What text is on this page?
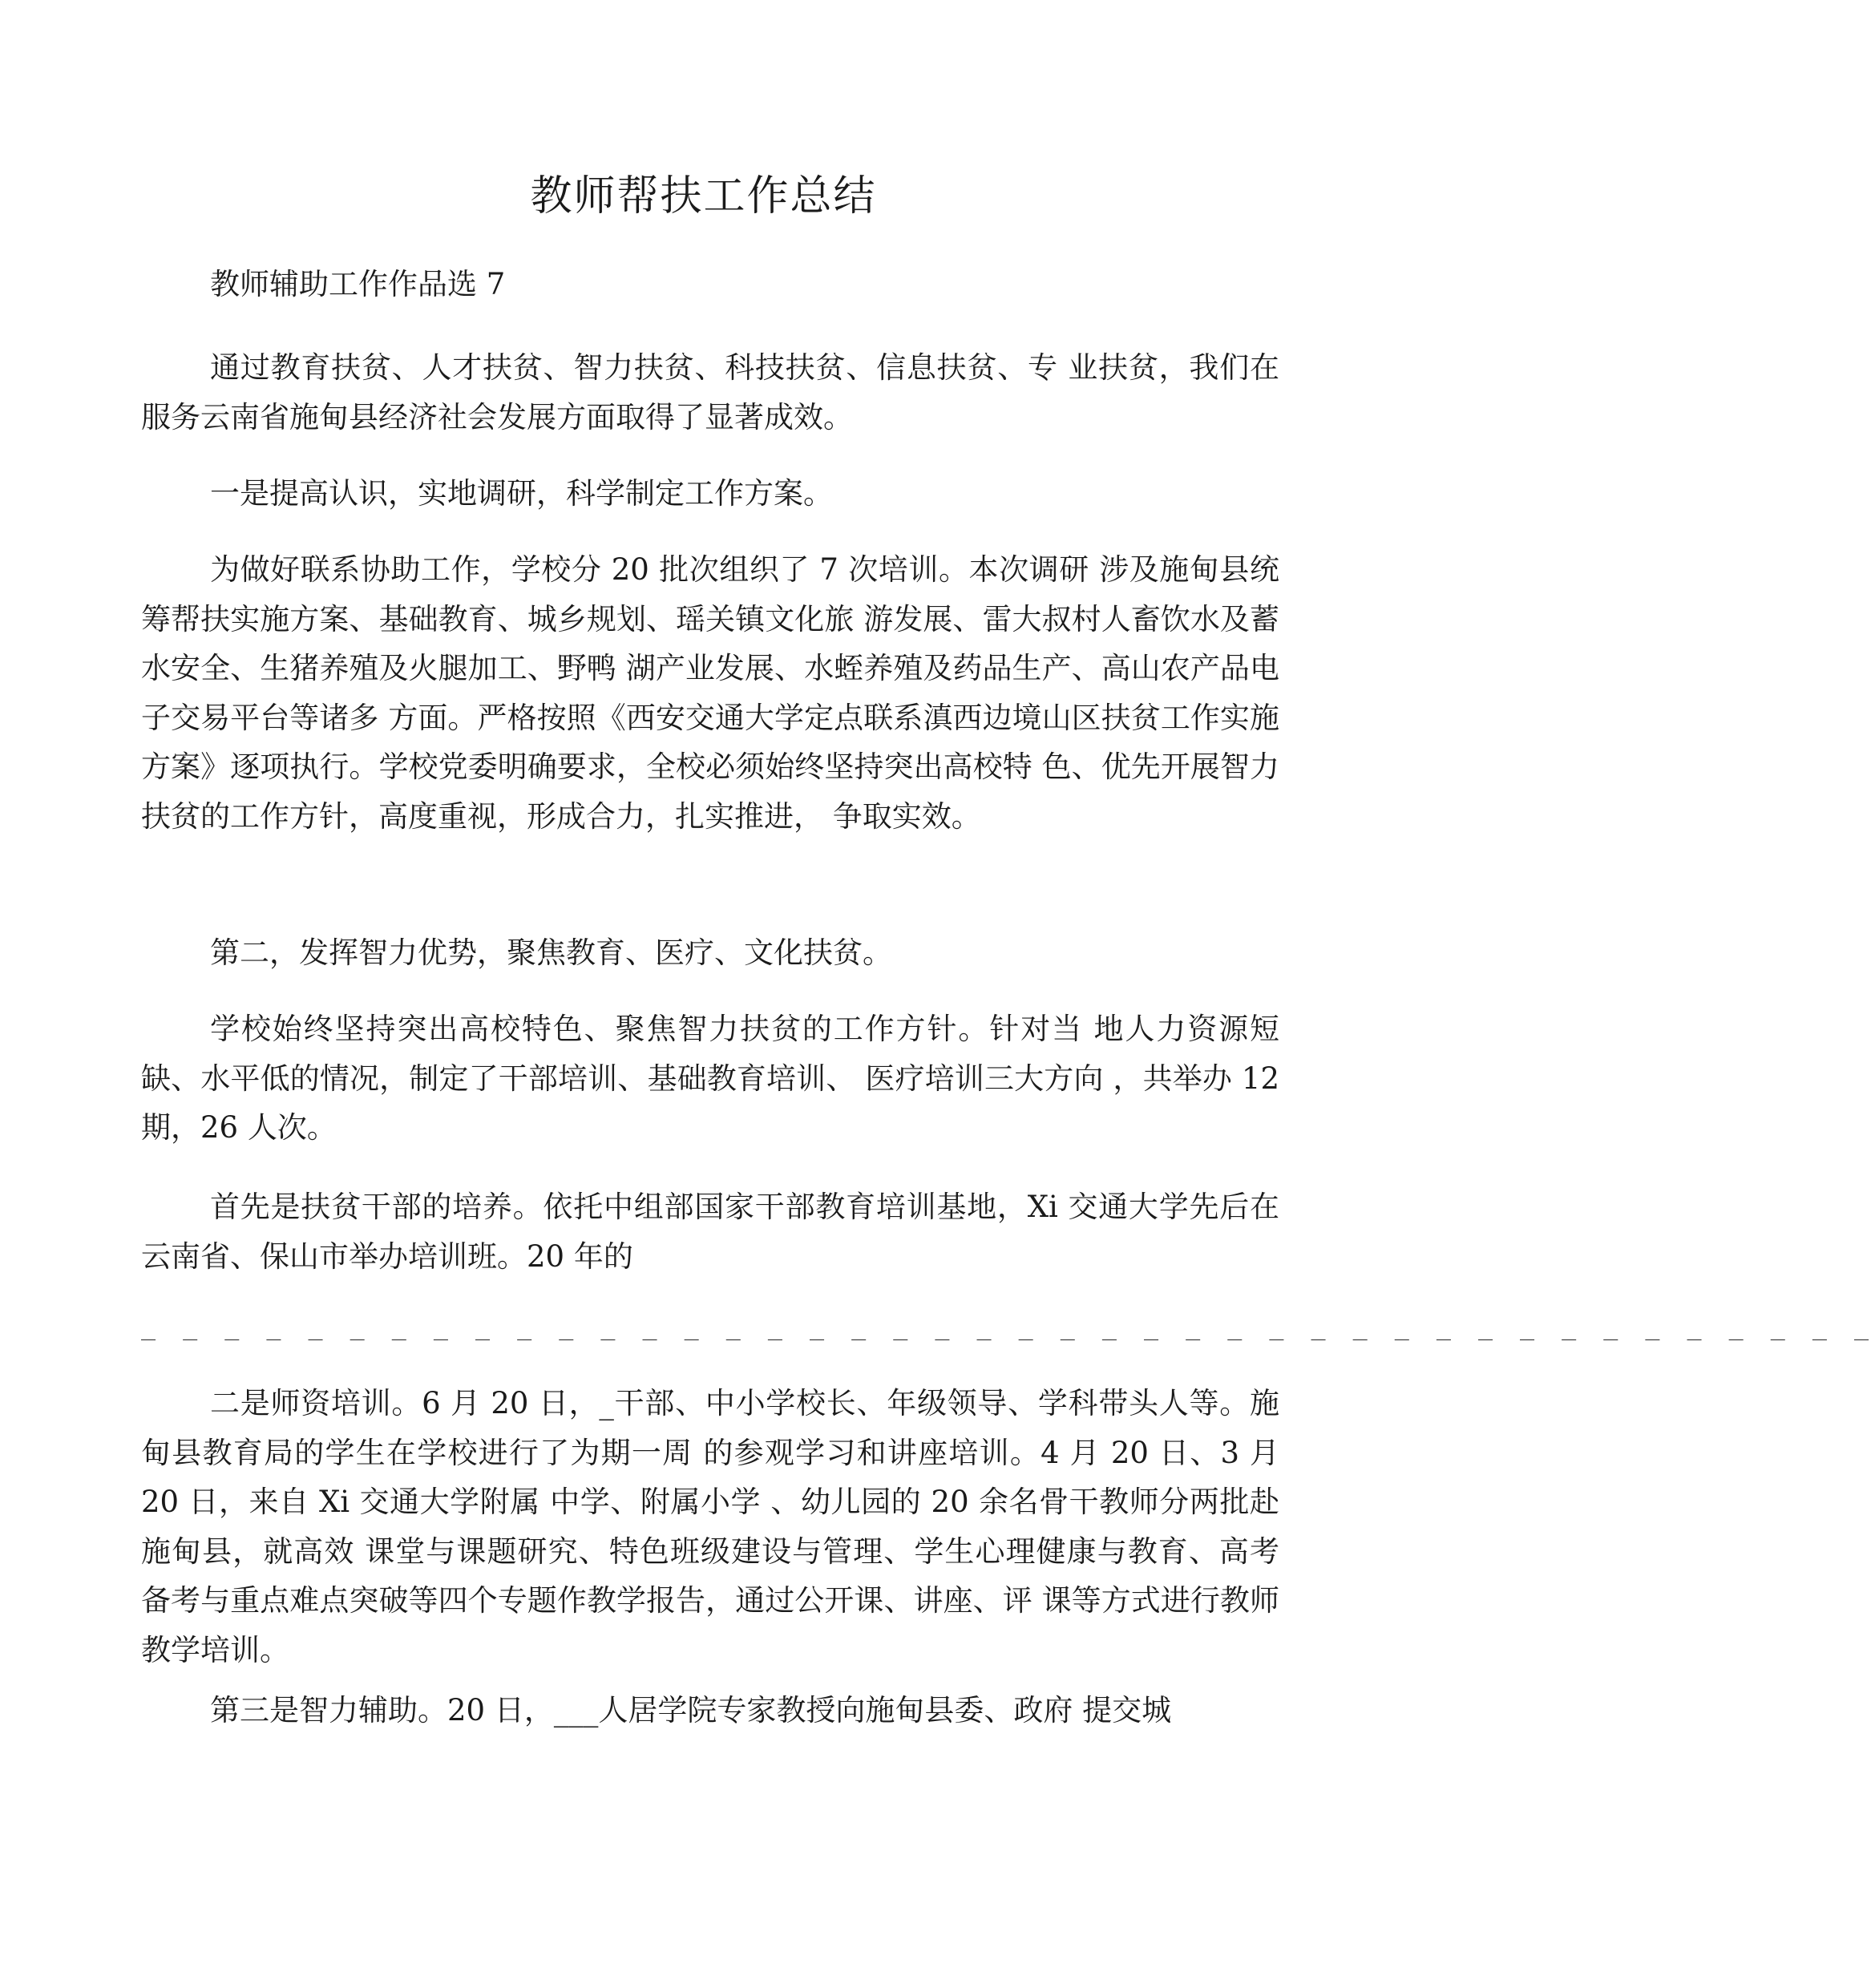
教师帮扶工作总结
教师辅助工作作品选 7

通过教育扶贫、人才扶贫、智力扶贫、科技扶贫、信息扶贫、专 业扶贫，我们在服务云南省施甸县经济社会发展方面取得了显著成效。

一是提高认识，实地调研，科学制定工作方案。

为做好联系协助工作，学校分 20 批次组织了 7 次培训。本次调研 涉及施甸县统筹帮扶实施方案、基础教育、城乡规划、瑶关镇文化旅 游发展、雷大叔村人畜饮水及蓄水安全、生猪养殖及火腿加工、野鸭 湖产业发展、水蛭养殖及药品生产、高山农产品电子交易平台等诸多 方面。严格按照《西安交通大学定点联系滇西边境山区扶贫工作实施 方案》逐项执行。学校党委明确要求，全校必须始终坚持突出高校特 色、优先开展智力扶贫的工作方针，高度重视，形成合力，扎实推进， 争取实效。

第二，发挥智力优势，聚焦教育、医疗、文化扶贫。

学校始终坚持突出高校特色、聚焦智力扶贫的工作方针。针对当 地人力资源短缺、水平低的情况，制定了干部培训、基础教育培训、 医疗培训三大方向 ，共举办 12 期，26 人次。

首先是扶贫干部的培养。依托中组部国家干部教育培训基地，Xi 交通大学先后在云南省、保山市举办培训班。20 年的

_ _ _ _ _ _ _ _ _ _ _ _ _ _ _ _ _ _ _ _ _ _ _ _ _ _ _ _ _ _ _ _ _ _ _ _ _ _ _ _ _ _

二是师资培训。6 月 20 日，_干部、中小学校长、年级领导、学科带头人等。施甸县教育局的学生在学校进行了为期一周 的参观学习和讲座培训。4 月 20 日、3 月 20 日，来自 Xi 交通大学附属 中学、附属小学 、幼儿园的 20 余名骨干教师分两批赴施甸县，就高效 课堂与课题研究、特色班级建设与管理、学生心理健康与教育、高考 备考与重点难点突破等四个专题作教学报告，通过公开课、讲座、评 课等方式进行教师教学培训。

第三是智力辅助。20 日，___人居学院专家教授向施甸县委、政府 提交城
